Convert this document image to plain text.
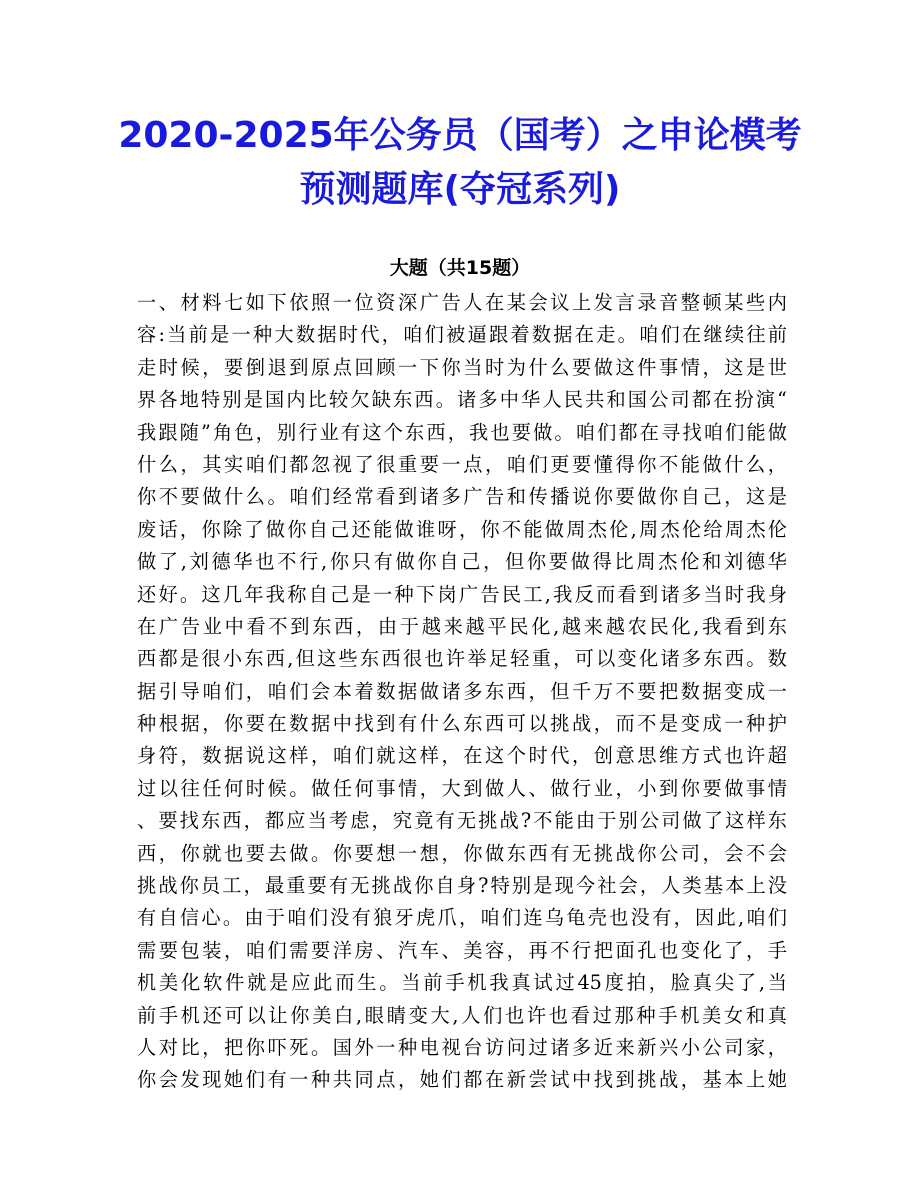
2020-2025年公务员（国考）之申论模考
预测题库(夺冠系列)
大题（共15题）
一、材料七如下依照一位资深广告人在某会议上发言录音整顿某些内
容:当前是一种大数据时代，咱们被逼跟着数据在走。咱们在继续往前
走时候，要倒退到原点回顾一下你当时为什么要做这件事情，这是世
界各地特别是国内比较欠缺东西。诸多中华人民共和国公司都在扮演“
我跟随”角色，别行业有这个东西，我也要做。咱们都在寻找咱们能做
什么，其实咱们都忽视了很重要一点，咱们更要懂得你不能做什么，
你不要做什么。咱们经常看到诸多广告和传播说你要做你自己，这是
废话，你除了做你自己还能做谁呀，你不能做周杰伦,周杰伦给周杰伦
做了,刘德华也不行,你只有做你自己，但你要做得比周杰伦和刘德华
还好。这几年我称自己是一种下岗广告民工,我反而看到诸多当时我身
在广告业中看不到东西，由于越来越平民化,越来越农民化,我看到东
西都是很小东西,但这些东西很也许举足轻重，可以变化诸多东西。数
据引导咱们，咱们会本着数据做诸多东西，但千万不要把数据变成一
种根据，你要在数据中找到有什么东西可以挑战，而不是变成一种护
身符，数据说这样，咱们就这样，在这个时代，创意思维方式也许超
过以往任何时候。做任何事情，大到做人、做行业，小到你要做事情
、要找东西，都应当考虑，究竟有无挑战?不能由于别公司做了这样东
西，你就也要去做。你要想一想，你做东西有无挑战你公司，会不会
挑战你员工，最重要有无挑战你自身?特别是现今社会，人类基本上没
有自信心。由于咱们没有狼牙虎爪，咱们连乌龟壳也没有，因此,咱们
需要包装，咱们需要洋房、汽车、美容，再不行把面孔也变化了，手
机美化软件就是应此而生。当前手机我真试过45度拍，脸真尖了,当
前手机还可以让你美白,眼睛变大,人们也许也看过那种手机美女和真
人对比，把你吓死。国外一种电视台访问过诸多近来新兴小公司家，
你会发现她们有一种共同点，她们都在新尝试中找到挑战，基本上她
